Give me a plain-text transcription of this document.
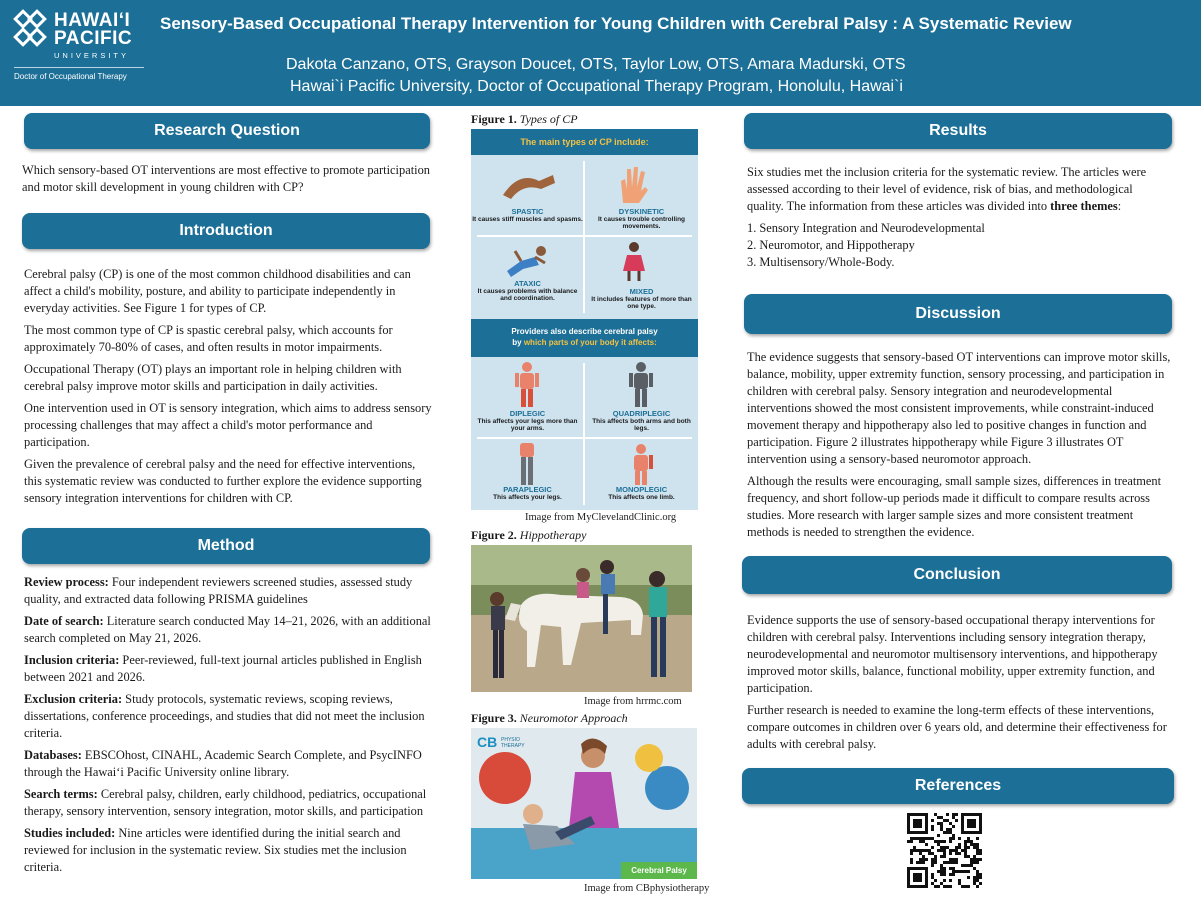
HAWAIʻI
PACIFIC
UNIVERSITY
Doctor of Occupational Therapy
Sensory-Based Occupational Therapy Intervention for Young Children with Cerebral Palsy : A Systematic Review
Dakota Canzano, OTS, Grayson Doucet, OTS, Taylor Low, OTS, Amara Madurski, OTS
Hawai`i Pacific University, Doctor of Occupational Therapy Program, Honolulu, Hawai`i
Research Question

Which sensory-based OT interventions are most effective to promote participation and motor skill development in young children with CP?

Introduction

Cerebral palsy (CP) is one of the most common childhood disabilities and can affect a child's mobility, posture, and ability to participate independently in everyday activities. See Figure 1 for types of CP.

The most common type of CP is spastic cerebral palsy, which accounts for approximately 70-80% of cases, and often results in motor impairments.

Occupational Therapy (OT) plays an important role in helping children with cerebral palsy improve motor skills and participation in daily activities.

One intervention used in OT is sensory integration, which aims to address sensory processing challenges that may affect a child's motor performance and participation.

Given the prevalence of cerebral palsy and the need for effective interventions, this systematic review was conducted to further explore the evidence supporting sensory integration interventions for children with CP.

Method

Review process: Four independent reviewers screened studies, assessed study quality, and extracted data following PRISMA guidelines

Date of search: Literature search conducted May 14–21, 2026, with an additional search completed on May 21, 2026.

Inclusion criteria: Peer-reviewed, full-text journal articles published in English between 2021 and 2026.

Exclusion criteria: Study protocols, systematic reviews, scoping reviews, dissertations, conference proceedings, and studies that did not meet the inclusion criteria.

Databases: EBSCOhost, CINAHL, Academic Search Complete, and PsycINFO through the Hawaiʻi Pacific University online library.

Search terms: Cerebral palsy, children, early childhood, pediatrics, occupational therapy, sensory intervention, sensory integration, motor skills, and participation

Studies included: Nine articles were identified during the initial search and reviewed for inclusion in the systematic review. Six studies met the inclusion criteria.

Figure 1. Types of CP
The main types of CP include:
SPASTIC
It causes stiff muscles and spasms.
DYSKINETIC
It causes trouble controlling movements.
ATAXIC
It causes problems with balance and coordination.
MIXED
It includes features of more than one type.
Providers also describe cerebral palsy
by which parts of your body it affects:
DIPLEGIC
This affects your legs more than your arms.
QUADRIPLEGIC
This affects both arms and both legs.
PARAPLEGIC
This affects your legs.
MONOPLEGIC
This affects one limb.
Image from MyClevelandClinic.org
Figure 2. Hippotherapy
Image from hrrmc.com
Figure 3. Neuromotor Approach
CB PHYSIO THERAPY
Cerebral Palsy
Image from CBphysiotherapy
Results

Six studies met the inclusion criteria for the systematic review. The articles were assessed according to their level of evidence, risk of bias, and methodological quality. The information from these articles was divided into three themes:

1. Sensory Integration and Neurodevelopmental
2. Neuromotor, and Hippotherapy
3. Multisensory/Whole-Body.
Discussion

The evidence suggests that sensory-based OT interventions can improve motor skills, balance, mobility, upper extremity function, sensory processing, and participation in children with cerebral palsy. Sensory integration and neurodevelopmental interventions showed the most consistent improvements, while constraint-induced movement therapy and hippotherapy also led to positive changes in function and participation. Figure 2 illustrates hippotherapy while Figure 3 illustrates OT intervention using a sensory-based neuromotor approach.

Although the results were encouraging, small sample sizes, differences in treatment frequency, and short follow-up periods made it difficult to compare results across studies. More research with larger sample sizes and more consistent treatment methods is needed to strengthen the evidence.

Conclusion

Evidence supports the use of sensory-based occupational therapy interventions for children with cerebral palsy. Interventions including sensory integration therapy, neurodevelopmental and neuromotor multisensory interventions, and hippotherapy improved motor skills, balance, functional mobility, upper extremity function, and participation.

Further research is needed to examine the long-term effects of these interventions, compare outcomes in children over 6 years old, and determine their effectiveness for adults with cerebral palsy.

References
